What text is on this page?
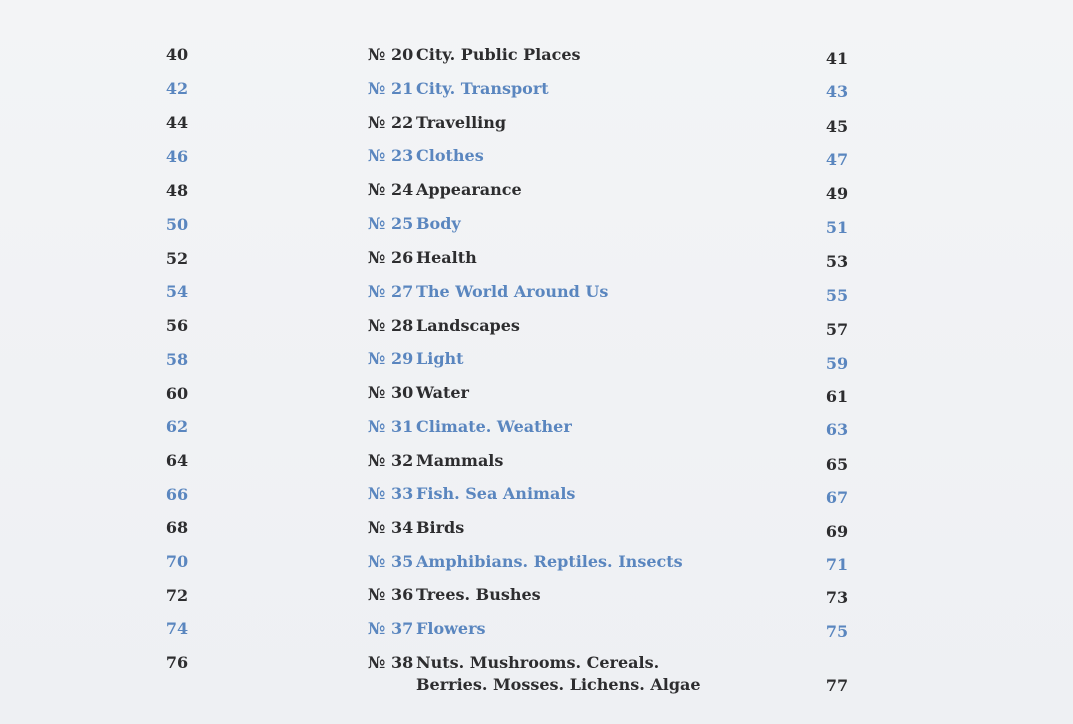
40	№ 20 City. Public Places	41
42	№ 21 City. Transport	43
44	№ 22 Travelling	45
46	№ 23 Clothes	47
48	№ 24 Appearance	49
50	№ 25 Body	51
52	№ 26 Health	53
54	№ 27 The World Around Us	55
56	№ 28 Landscapes	57
58	№ 29 Light	59
60	№ 30 Water	61
62	№ 31 Climate. Weather	63
64	№ 32 Mammals	65
66	№ 33 Fish. Sea Animals	67
68	№ 34 Birds	69
70	№ 35 Amphibians. Reptiles. Insects	71
72	№ 36 Trees. Bushes	73
74	№ 37 Flowers	75
76	№ 38 Nuts. Mushrooms. Cereals.
Berries. Mosses. Lichens. Algae	77
